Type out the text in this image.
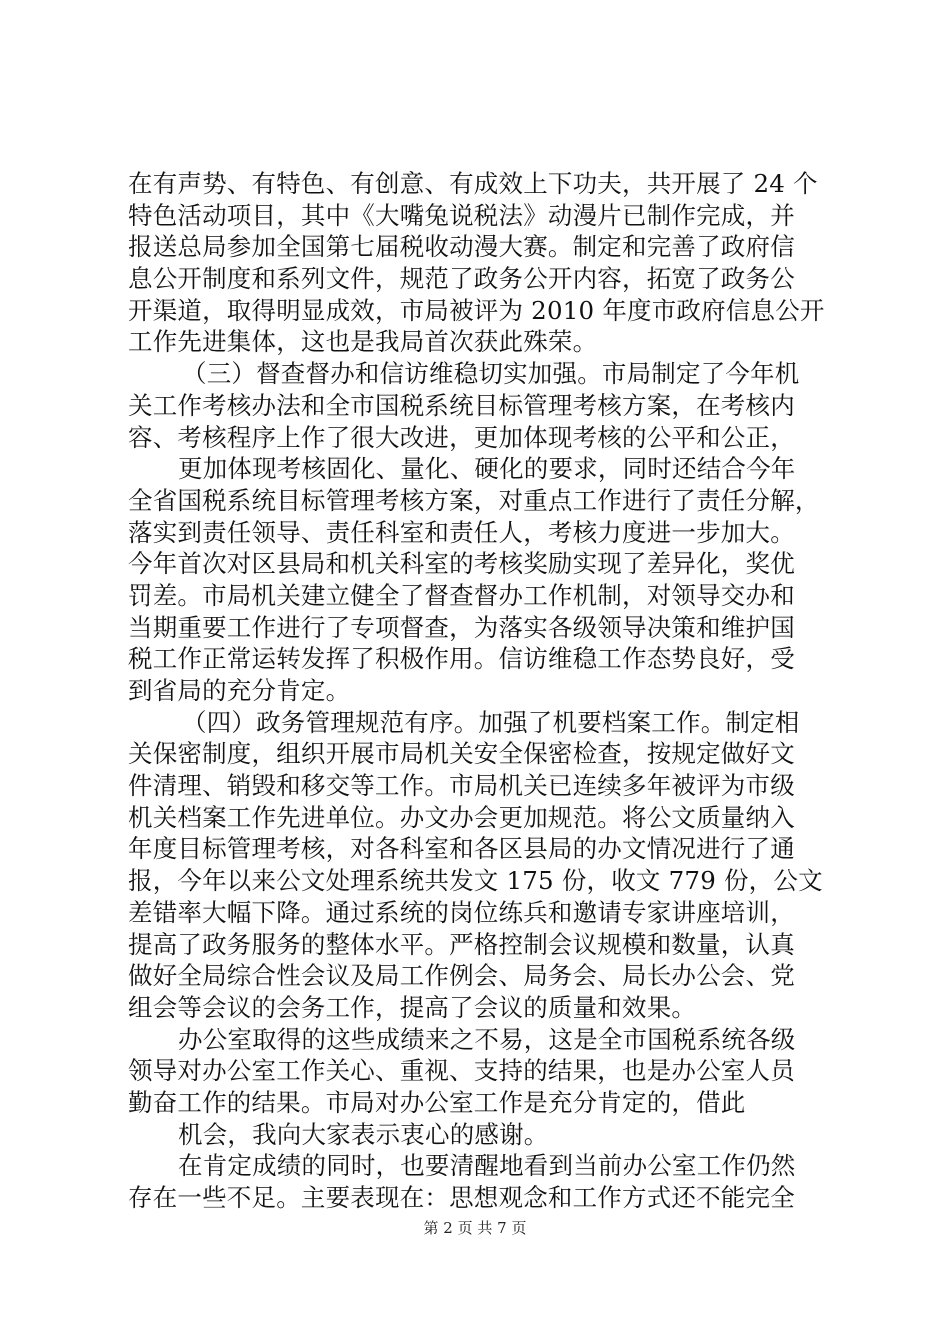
在有声势、有特色、有创意、有成效上下功夫，共开展了 24 个
特色活动项目，其中《大嘴兔说税法》动漫片已制作完成，并
报送总局参加全国第七届税收动漫大赛。制定和完善了政府信
息公开制度和系列文件，规范了政务公开内容，拓宽了政务公
开渠道，取得明显成效，市局被评为 2010 年度市政府信息公开
工作先进集体，这也是我局首次获此殊荣。
（三）督查督办和信访维稳切实加强。市局制定了今年机
关工作考核办法和全市国税系统目标管理考核方案，在考核内
容、考核程序上作了很大改进，更加体现考核的公平和公正，
更加体现考核固化、量化、硬化的要求，同时还结合今年
全省国税系统目标管理考核方案，对重点工作进行了责任分解，
落实到责任领导、责任科室和责任人，考核力度进一步加大。
今年首次对区县局和机关科室的考核奖励实现了差异化，奖优
罚差。市局机关建立健全了督查督办工作机制，对领导交办和
当期重要工作进行了专项督查，为落实各级领导决策和维护国
税工作正常运转发挥了积极作用。信访维稳工作态势良好，受
到省局的充分肯定。
（四）政务管理规范有序。加强了机要档案工作。制定相
关保密制度，组织开展市局机关安全保密检查，按规定做好文
件清理、销毁和移交等工作。市局机关已连续多年被评为市级
机关档案工作先进单位。办文办会更加规范。将公文质量纳入
年度目标管理考核，对各科室和各区县局的办文情况进行了通
报，今年以来公文处理系统共发文 175 份，收文 779 份，公文
差错率大幅下降。通过系统的岗位练兵和邀请专家讲座培训，
提高了政务服务的整体水平。严格控制会议规模和数量，认真
做好全局综合性会议及局工作例会、局务会、局长办公会、党
组会等会议的会务工作，提高了会议的质量和效果。
办公室取得的这些成绩来之不易，这是全市国税系统各级
领导对办公室工作关心、重视、支持的结果，也是办公室人员
勤奋工作的结果。市局对办公室工作是充分肯定的，借此
机会，我向大家表示衷心的感谢。
在肯定成绩的同时，也要清醒地看到当前办公室工作仍然
存在一些不足。主要表现在：思想观念和工作方式还不能完全
第 2 页 共 7 页
